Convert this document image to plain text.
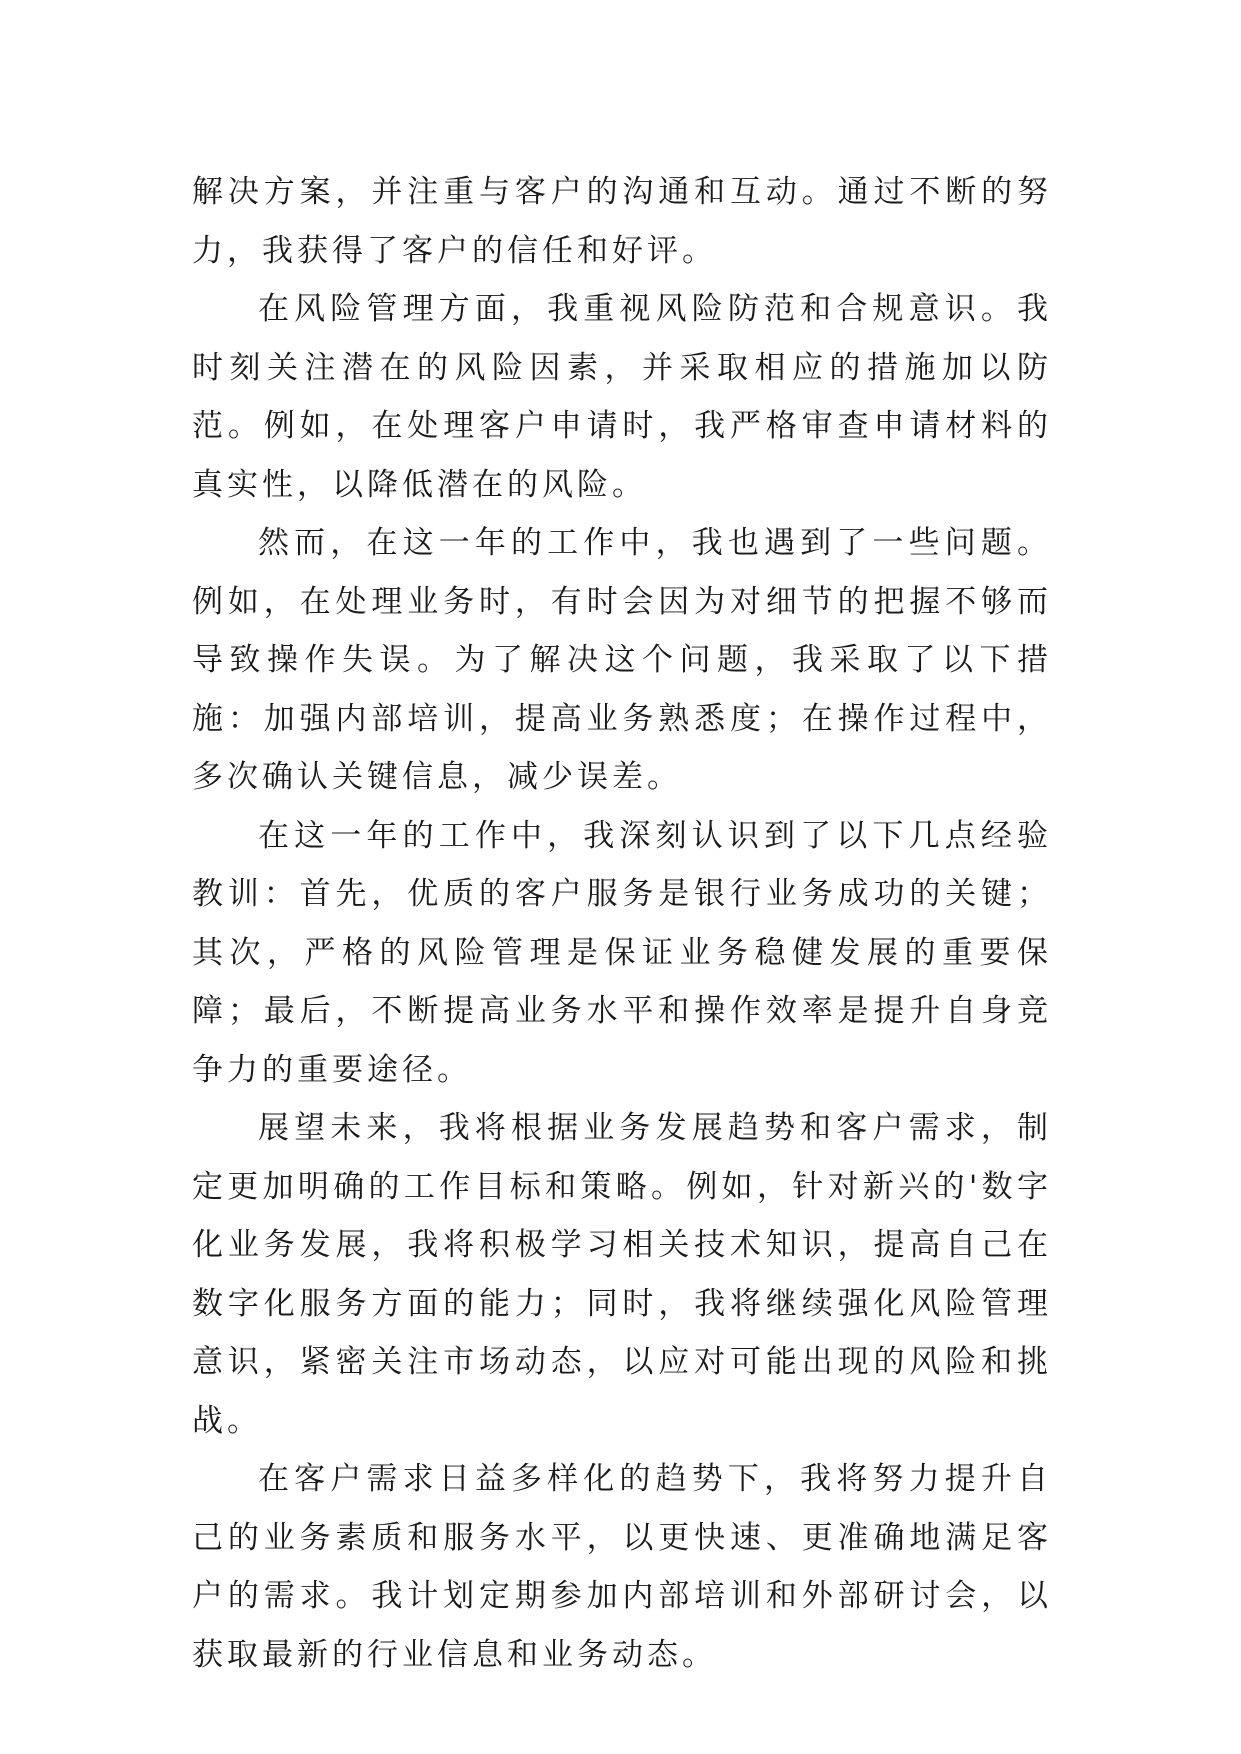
解决方案，并注重与客户的沟通和互动。通过不断的努力，我获得了客户的信任和好评。

在风险管理方面，我重视风险防范和合规意识。我时刻关注潜在的风险因素，并采取相应的措施加以防范。例如，在处理客户申请时，我严格审查申请材料的真实性，以降低潜在的风险。

然而，在这一年的工作中，我也遇到了一些问题。例如，在处理业务时，有时会因为对细节的把握不够而导致操作失误。为了解决这个问题，我采取了以下措施：加强内部培训，提高业务熟悉度；在操作过程中，多次确认关键信息，减少误差。

在这一年的工作中，我深刻认识到了以下几点经验教训：首先，优质的客户服务是银行业务成功的关键；其次，严格的风险管理是保证业务稳健发展的重要保障；最后，不断提高业务水平和操作效率是提升自身竞争力的重要途径。

展望未来，我将根据业务发展趋势和客户需求，制定更加明确的工作目标和策略。例如，针对新兴的'数字化业务发展，我将积极学习相关技术知识，提高自己在数字化服务方面的能力；同时，我将继续强化风险管理意识，紧密关注市场动态，以应对可能出现的风险和挑战。

在客户需求日益多样化的趋势下，我将努力提升自己的业务素质和服务水平，以更快速、更准确地满足客户的需求。我计划定期参加内部培训和外部研讨会，以获取最新的行业信息和业务动态。
